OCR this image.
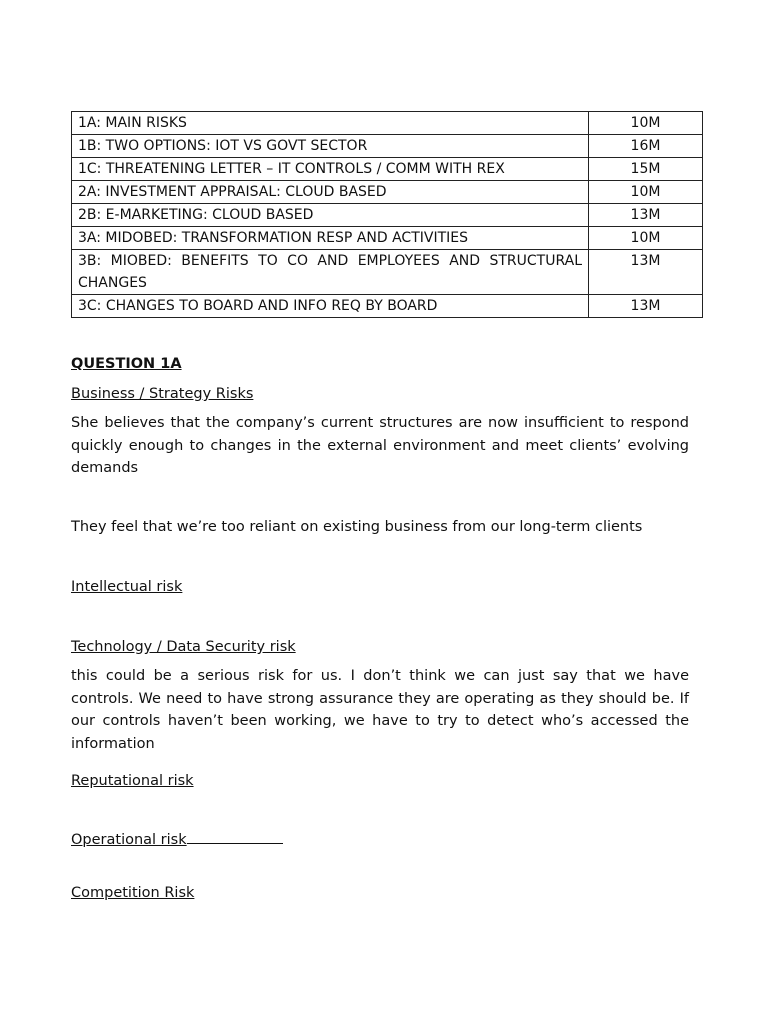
1A: MAIN RISKS	10M
1B: TWO OPTIONS: IOT VS GOVT SECTOR	16M
1C: THREATENING LETTER – IT CONTROLS / COMM WITH REX	15M
2A: INVESTMENT APPRAISAL: CLOUD BASED	10M
2B: E-MARKETING: CLOUD BASED	13M
3A: MIDOBED: TRANSFORMATION RESP AND ACTIVITIES	10M
3B: MIOBED: BENEFITS TO CO AND EMPLOYEES AND STRUCTURAL CHANGES	13M
3C: CHANGES TO BOARD AND INFO REQ BY BOARD	13M
QUESTION 1A
Business / Strategy Risks
She believes that the company’s current structures are now insufficient to respond quickly enough to changes in the external environment and meet clients’ evolving demands
They feel that we’re too reliant on existing business from our long-term clients
Intellectual risk
Technology / Data Security risk
this could be a serious risk for us. I don’t think we can just say that we have controls. We need to have strong assurance they are operating as they should be. If our controls haven’t been working, we have to try to detect who’s accessed the information
Reputational risk
Operational risk
Competition Risk
